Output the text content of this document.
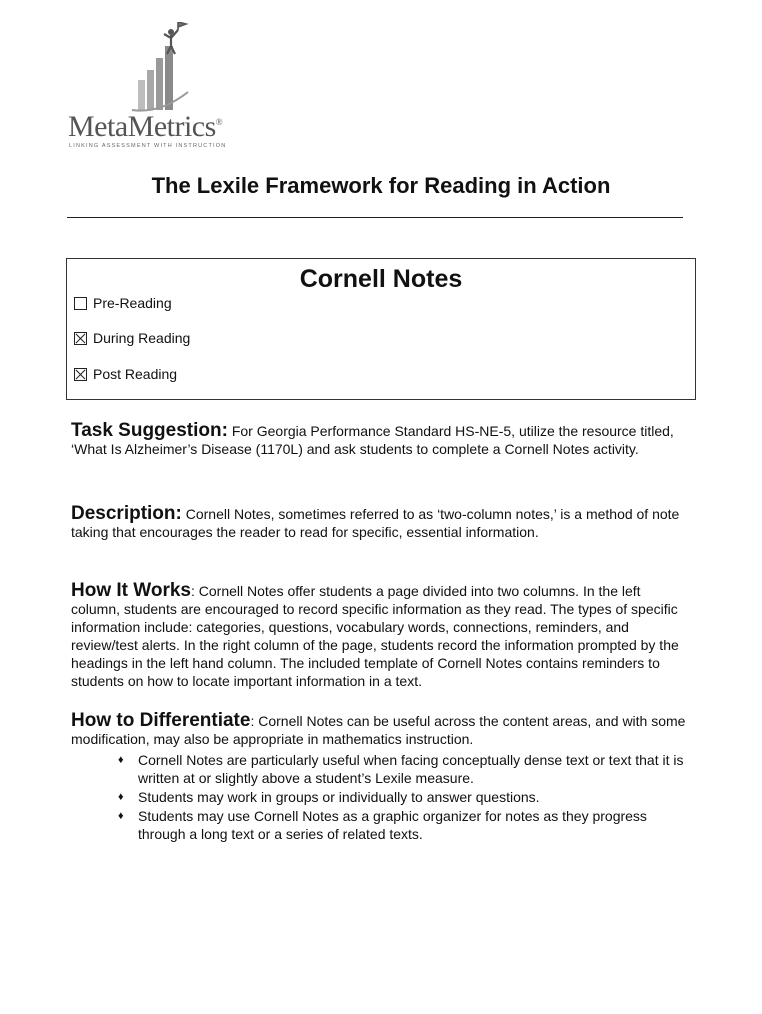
MetaMetrics®
LINKING ASSESSMENT WITH INSTRUCTION
The Lexile Framework for Reading in Action
Cornell Notes
Pre-Reading
During Reading
Post Reading

Task Suggestion: For Georgia Performance Standard HS-NE-5, utilize the resource titled, ‘What Is Alzheimer’s Disease (1170L) and ask students to complete a Cornell Notes activity.

Description: Cornell Notes, sometimes referred to as ‘two-column notes,’ is a method of note taking that encourages the reader to read for specific, essential information.

How It Works: Cornell Notes offer students a page divided into two columns. In the left column, students are encouraged to record specific information as they read. The types of specific information include: categories, questions, vocabulary words, connections, reminders, and review/test alerts. In the right column of the page, students record the information prompted by the headings in the left hand column. The included template of Cornell Notes contains reminders to students on how to locate important information in a text.

How to Differentiate: Cornell Notes can be useful across the content areas, and with some modification, may also be appropriate in mathematics instruction.

♦ Cornell Notes are particularly useful when facing conceptually dense text or text that it is written at or slightly above a student’s Lexile measure.
♦ Students may work in groups or individually to answer questions.
♦ Students may use Cornell Notes as a graphic organizer for notes as they progress through a long text or a series of related texts.
